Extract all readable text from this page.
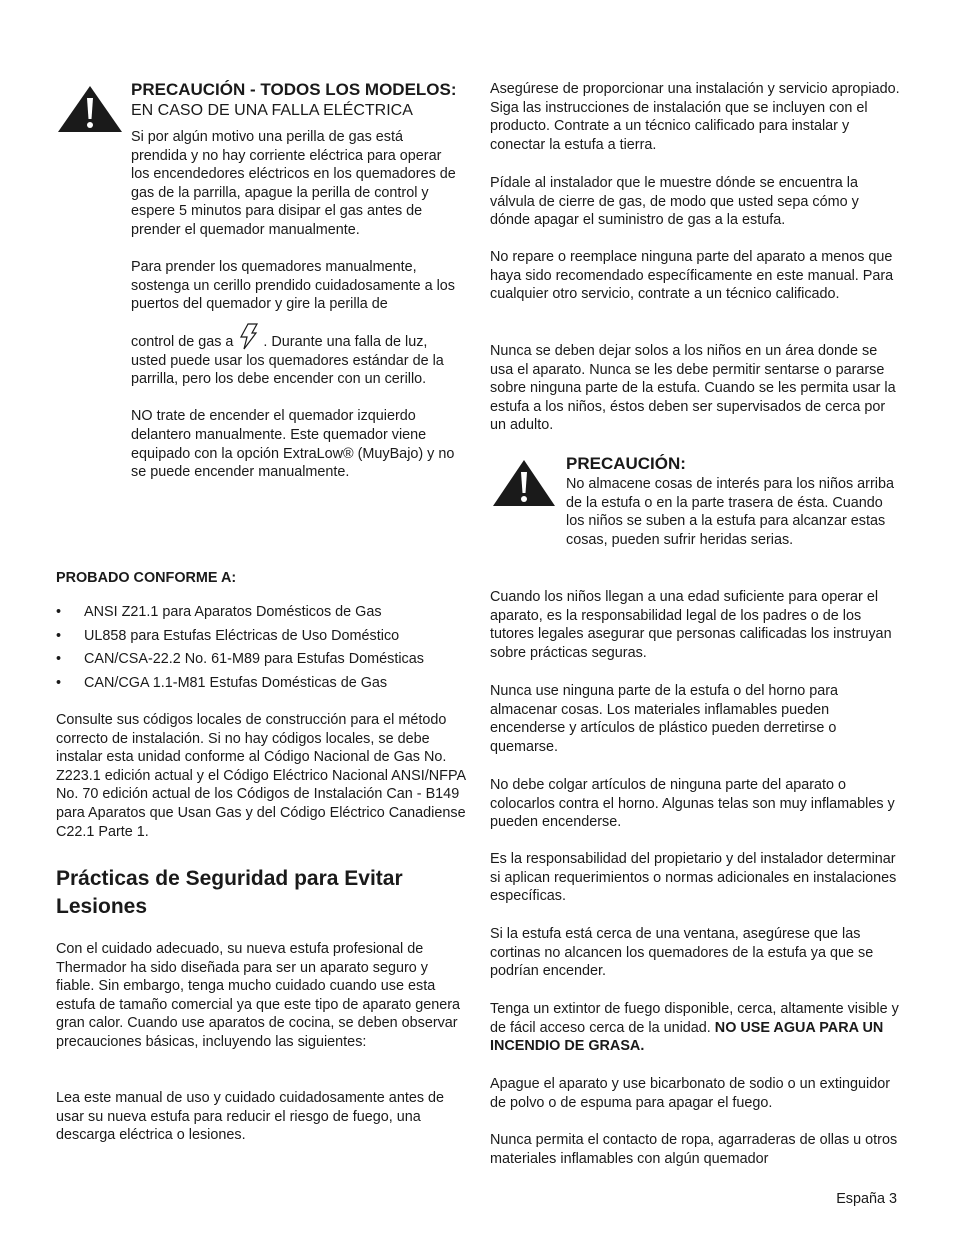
PRECAUCIÓN - TODOS LOS MODELOS:

EN CASO DE UNA FALLA ELÉCTRICA

Si por algún motivo una perilla de gas está prendida y no hay corriente eléctrica para operar los encendedores eléctricos en los quemadores de gas de la parrilla, apague la perilla de control y espere 5 minutos para disipar el gas antes de prender el quemador manualmente.

Para prender los quemadores manualmente, sostenga un cerillo prendido cuidadosamente a los puertos del quemador y gire la perilla de

control de gas a . Durante una falla de luz, usted puede usar los quemadores estándar de la parrilla, pero los debe encender con un cerillo.

NO trate de encender el quemador izquierdo delantero manualmente. Este quemador viene equipado con la opción ExtraLow® (MuyBajo) y no se puede encender manualmente.

PROBADO CONFORME A:

• ANSI Z21.1 para Aparatos Domésticos de Gas
• UL858 para Estufas Eléctricas de Uso Doméstico
• CAN/CSA-22.2 No. 61-M89 para Estufas Domésticas
• CAN/CGA 1.1-M81 Estufas Domésticas de Gas

Consulte sus códigos locales de construcción para el método correcto de instalación. Si no hay códigos locales, se debe instalar esta unidad conforme al Código Nacional de Gas No. Z223.1 edición actual y el Código Eléctrico Nacional ANSI/NFPA No. 70 edición actual de los Códigos de Instalación Can - B149 para Aparatos que Usan Gas y del Código Eléctrico Canadiense C22.1 Parte 1.

Prácticas de Seguridad para Evitar Lesiones

Con el cuidado adecuado, su nueva estufa profesional de Thermador ha sido diseñada para ser un aparato seguro y fiable. Sin embargo, tenga mucho cuidado cuando use esta estufa de tamaño comercial ya que este tipo de aparato genera gran calor. Cuando use aparatos de cocina, se deben observar precauciones básicas, incluyendo las siguientes:

Lea este manual de uso y cuidado cuidadosamente antes de usar su nueva estufa para reducir el riesgo de fuego, una descarga eléctrica o lesiones.

Asegúrese de proporcionar una instalación y servicio apropiado. Siga las instrucciones de instalación que se incluyen con el producto. Contrate a un técnico calificado para instalar y conectar la estufa a tierra.

Pídale al instalador que le muestre dónde se encuentra la válvula de cierre de gas, de modo que usted sepa cómo y dónde apagar el suministro de gas a la estufa.

No repare o reemplace ninguna parte del aparato a menos que haya sido recomendado específicamente en este manual. Para cualquier otro servicio, contrate a un técnico calificado.

Nunca se deben dejar solos a los niños en un área donde se usa el aparato. Nunca se les debe permitir sentarse o pararse sobre ninguna parte de la estufa. Cuando se les permita usar la estufa a los niños, éstos deben ser supervisados de cerca por un adulto.

PRECAUCIÓN:

No almacene cosas de interés para los niños arriba de la estufa o en la parte trasera de ésta. Cuando los niños se suben a la estufa para alcanzar estas cosas, pueden sufrir heridas serias.

Cuando los niños llegan a una edad suficiente para operar el aparato, es la responsabilidad legal de los padres o de los tutores legales asegurar que personas calificadas los instruyan sobre prácticas seguras.

Nunca use ninguna parte de la estufa o del horno para almacenar cosas. Los materiales inflamables pueden encenderse y artículos de plástico pueden derretirse o quemarse.

No debe colgar artículos de ninguna parte del aparato o colocarlos contra el horno. Algunas telas son muy inflamables y pueden encenderse.

Es la responsabilidad del propietario y del instalador determinar si aplican requerimientos o normas adicionales en instalaciones específicas.

Si la estufa está cerca de una ventana, asegúrese que las cortinas no alcancen los quemadores de la estufa ya que se podrían encender.

Tenga un extintor de fuego disponible, cerca, altamente visible y de fácil acceso cerca de la unidad. NO USE AGUA PARA UN INCENDIO DE GRASA.

Apague el aparato y use bicarbonato de sodio o un extinguidor de polvo o de espuma para apagar el fuego.

Nunca permita el contacto de ropa, agarraderas de ollas u otros materiales inflamables con algún quemador

España 3
